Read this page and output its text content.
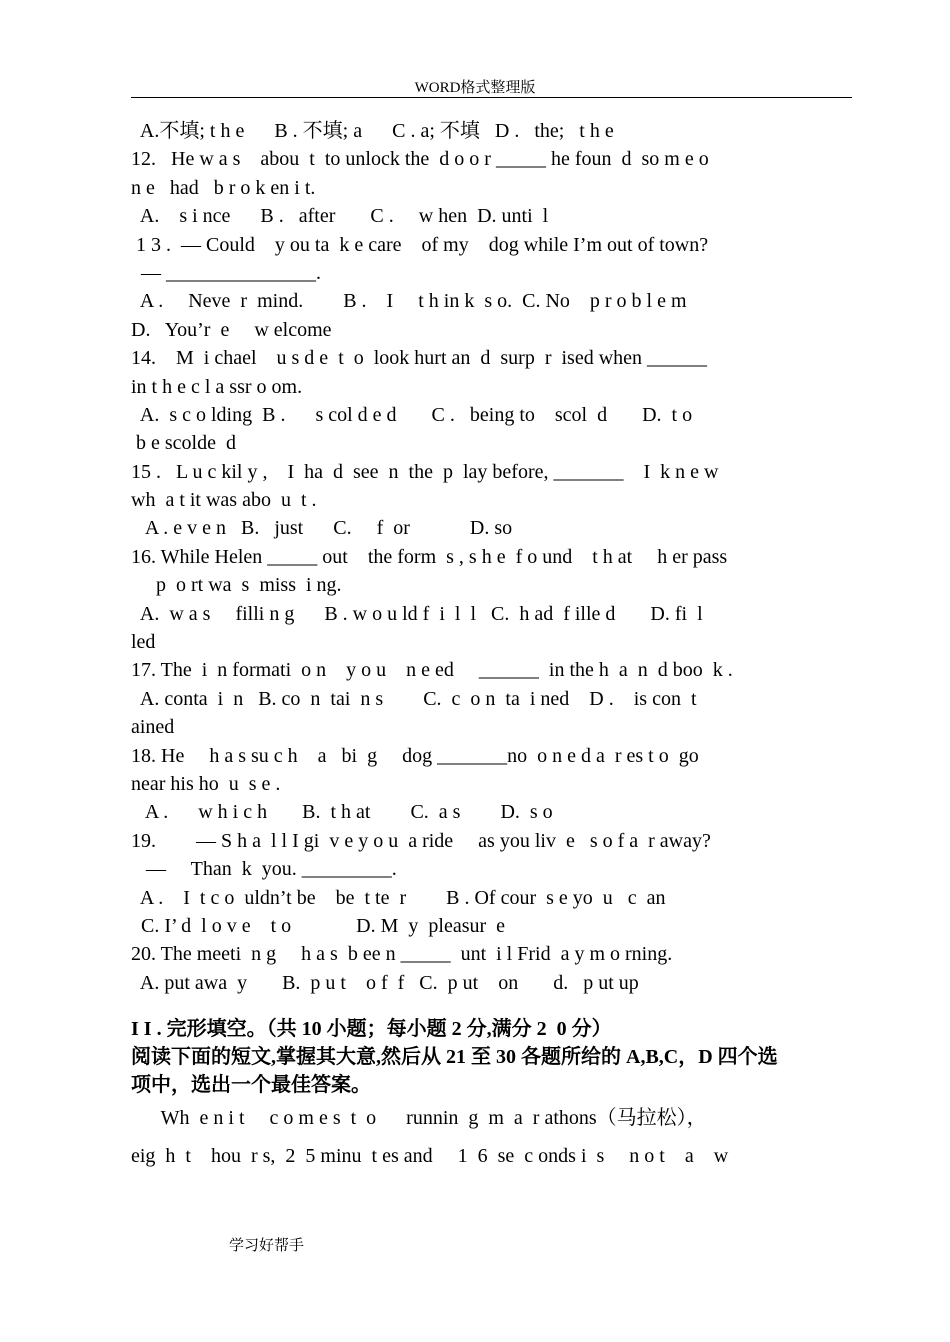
WORD格式整理版
A.不填; t h e      B . 不填; a      C . a; 不填   D .   the;   t h e
12.   He w a s    abou  t  to unlock the  d o o r _____ he foun  d  so m e o
n e   had   b r o k en i t.
A.    s i nce      B .   after       C .     w hen  D. unti  l
1 3 .  — Could    y ou ta  k e care    of my    dog while I’m out of town?
— _______________.
A .     Neve  r  mind.        B .    I     t h in k  s o.  C. No    p r o b l e m
D.   You’r  e     w elcome
14.    M  i chael    u s d e  t  o  look hurt an  d  surp  r  ised when ______
in t h e c l a ssr o om.
A.  s c o lding  B .      s col d e d       C .   being to    scol  d       D.  t o
b e scolde  d
15 .   L u c kil y ,    I  ha  d  see  n  the  p  lay before, _______    I  k n e w
wh  a t it was abo  u  t .
A . e v e n   B.   just      C.     f  or            D. so
16. While Helen _____ out    the form  s , s h e  f o und    t h at     h er pass
p  o rt wa  s  miss  i ng.
A.  w a s     filli n g      B . w o u ld f  i  l  l   C.  h ad  f ille d       D. fi  l
led
17. The  i  n formati  o n    y o u    n e ed     ______  in the h  a  n  d boo  k .
A. conta  i  n   B. co  n  tai  n s        C.  c  o n  ta  i ned    D .    is con  t
ained
18. He     h a s su c h    a   bi  g     dog _______no  o n e d a  r es t o  go
near his ho  u  s e .
A .      w h i c h       B.  t h at        C.  a s        D.  s o
19.        — S h a  l l I gi  v e y o u  a ride     as you liv  e   s o f a  r away?
—     Than  k  you. _________.
A .    I  t c o  uldn’t be    be  t te  r        B . Of cour  s e yo  u   c  an
C. I’ d  l o v e    t o             D. M  y  pleasur  e
20. The meeti  n g     h a s  b ee n _____  unt  i l Frid  a y m o rning.
A. put awa  y       B.  p u t    o f  f   C.  p ut    on       d.   p ut up
I I . 完形填空。（共 10 小题；每小题 2 分,满分 2  0 分）
阅读下面的短文,掌握其大意,然后从 21 至 30 各题所给的 A,B,C，D 四个选
项中，选出一个最佳答案。
Wh  e n i t     c o m e s  t  o      runnin  g  m  a  r athons（马拉松），
eig  h  t    hou  r s,  2  5 minu  t es and     1  6  se  c onds i  s     n o t    a    w
学习好帮手
